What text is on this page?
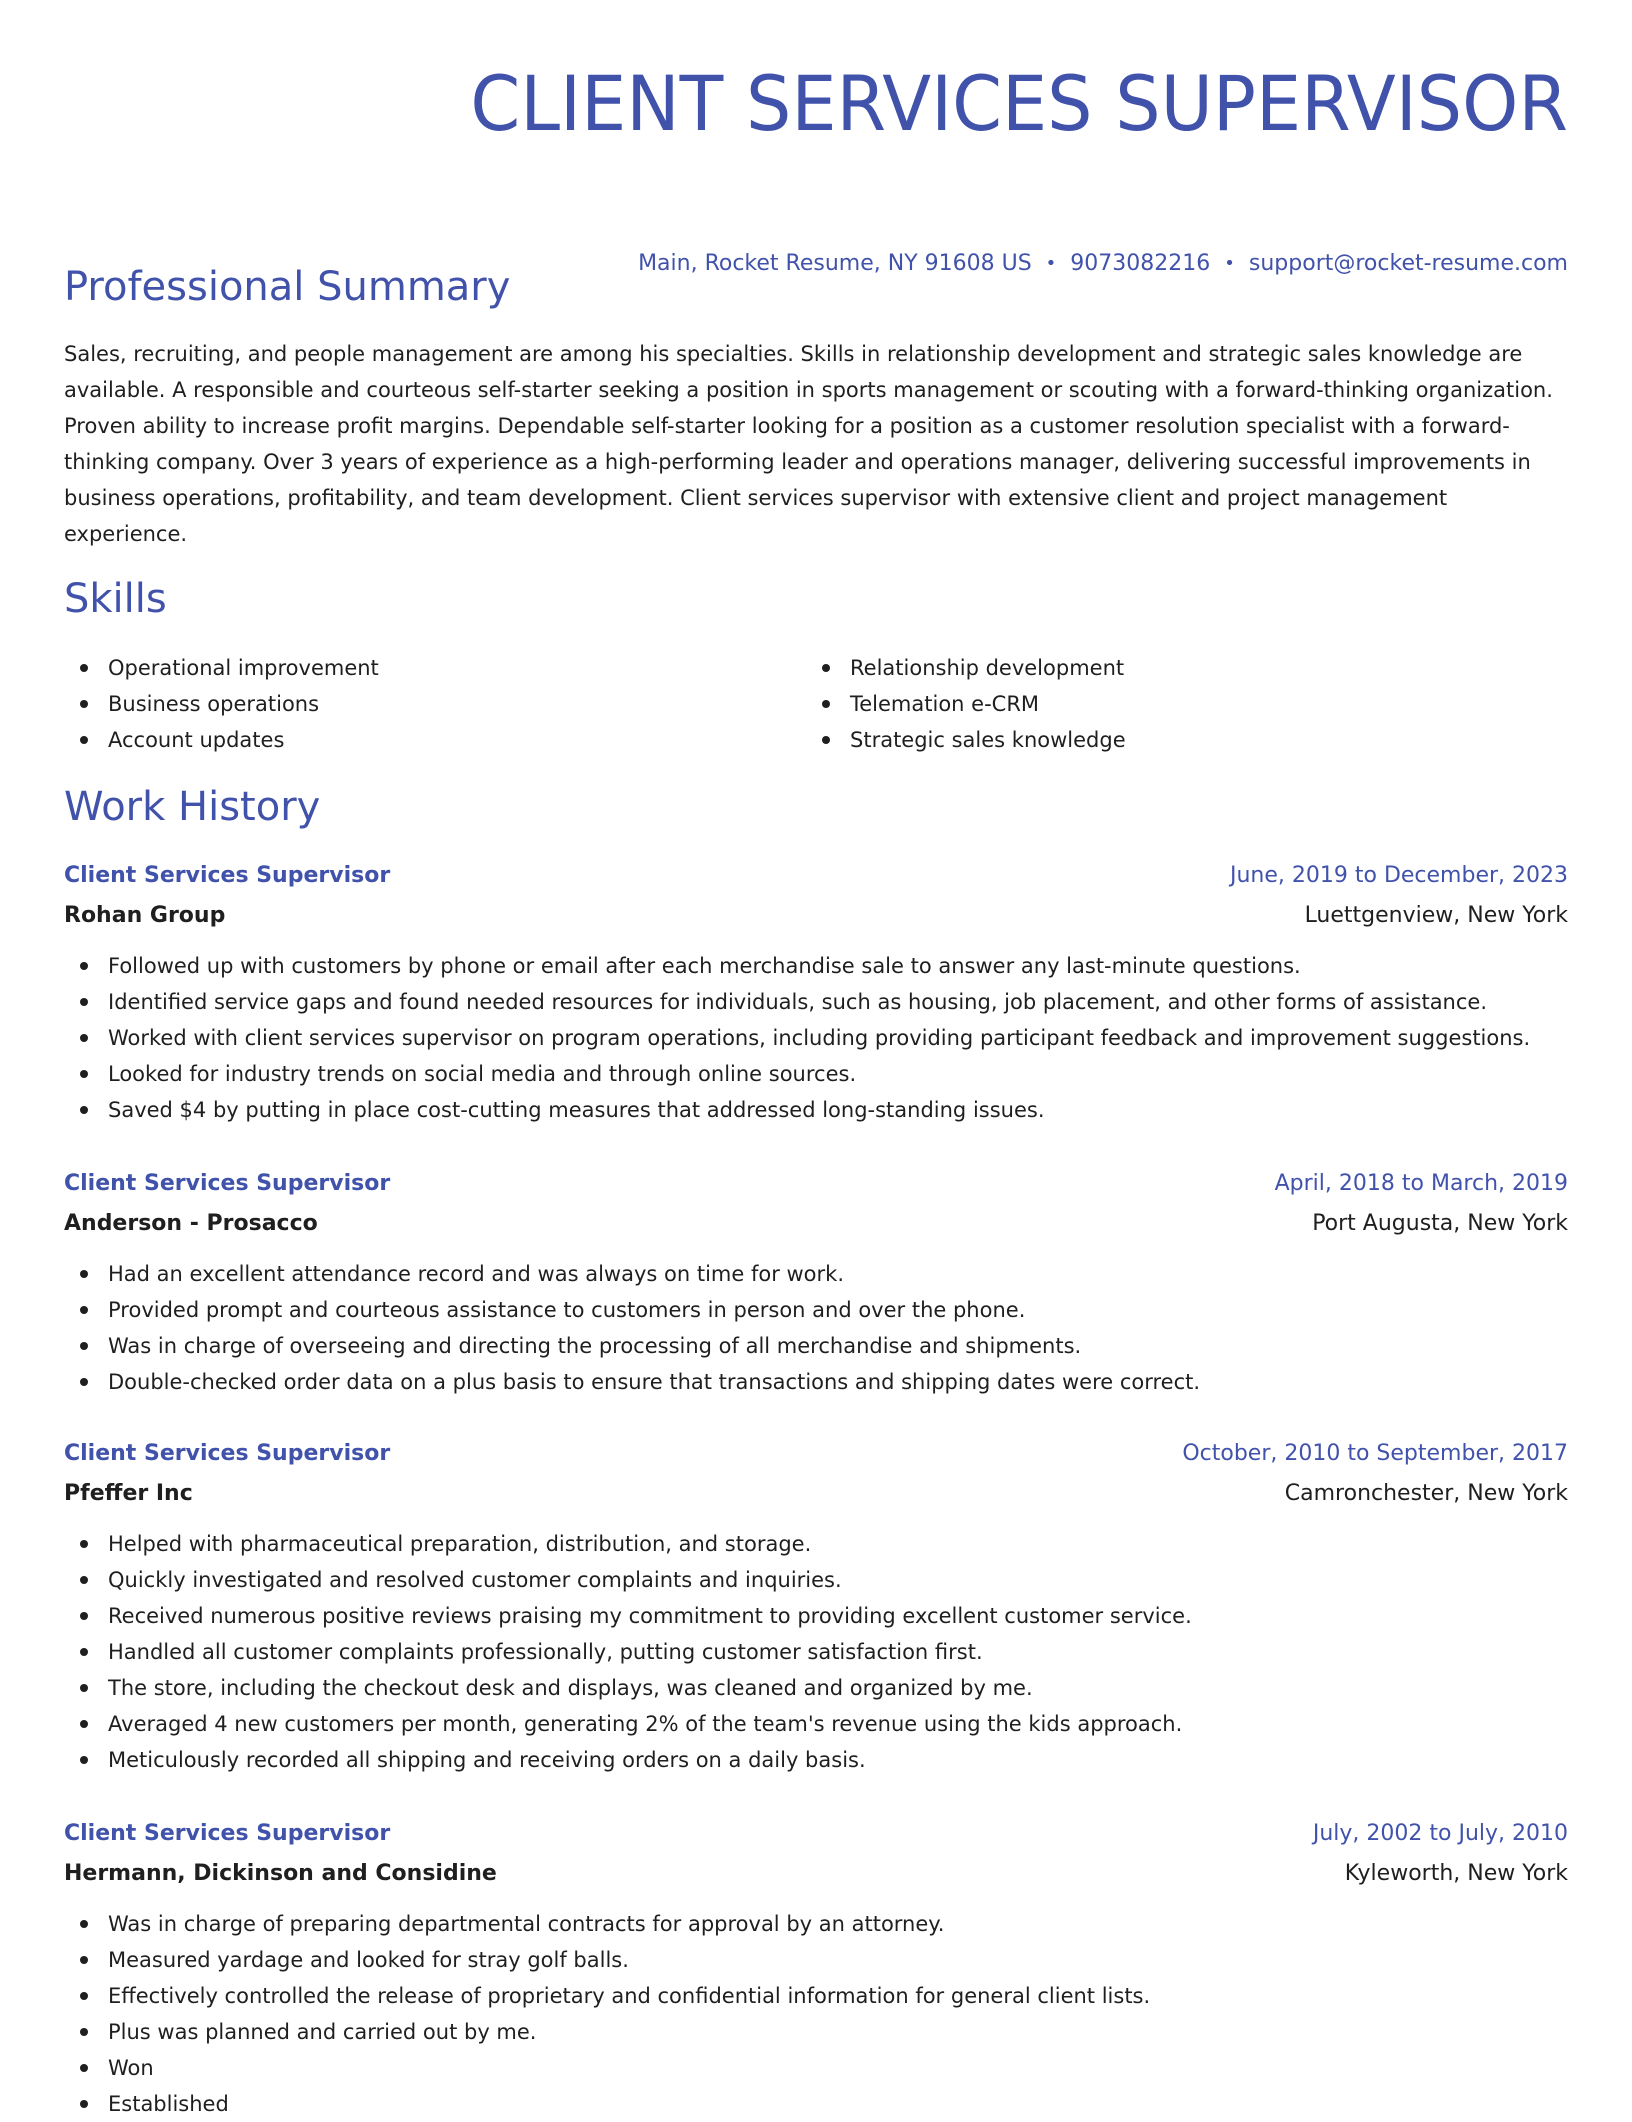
CLIENT SERVICES SUPERVISOR
Main, Rocket Resume, NY 91608 US • 9073082216 • support@rocket-resume.com
Professional Summary

Sales, recruiting, and people management are among his specialties. Skills in relationship development and strategic sales knowledge are available. A responsible and courteous self-starter seeking a position in sports management or scouting with a forward-thinking organization. Proven ability to increase profit margins. Dependable self-starter looking for a position as a customer resolution specialist with a forward-thinking company. Over 3 years of experience as a high-performing leader and operations manager, delivering successful improvements in business operations, profitability, and team development. Client services supervisor with extensive client and project management experience.

Skills
Operational improvement
Business operations
Account updates
Relationship development
Telemation e-CRM
Strategic sales knowledge
Work History
Client Services Supervisor	June, 2019 to December, 2023
Rohan Group	Luettgenview, New York
Followed up with customers by phone or email after each merchandise sale to answer any last-minute questions.
Identified service gaps and found needed resources for individuals, such as housing, job placement, and other forms of assistance.
Worked with client services supervisor on program operations, including providing participant feedback and improvement suggestions.
Looked for industry trends on social media and through online sources.
Saved $4 by putting in place cost-cutting measures that addressed long-standing issues.
Client Services Supervisor	April, 2018 to March, 2019
Anderson - Prosacco	Port Augusta, New York
Had an excellent attendance record and was always on time for work.
Provided prompt and courteous assistance to customers in person and over the phone.
Was in charge of overseeing and directing the processing of all merchandise and shipments.
Double-checked order data on a plus basis to ensure that transactions and shipping dates were correct.
Client Services Supervisor	October, 2010 to September, 2017
Pfeffer Inc	Camronchester, New York
Helped with pharmaceutical preparation, distribution, and storage.
Quickly investigated and resolved customer complaints and inquiries.
Received numerous positive reviews praising my commitment to providing excellent customer service.
Handled all customer complaints professionally, putting customer satisfaction first.
The store, including the checkout desk and displays, was cleaned and organized by me.
Averaged 4 new customers per month, generating 2% of the team's revenue using the kids approach.
Meticulously recorded all shipping and receiving orders on a daily basis.
Client Services Supervisor	July, 2002 to July, 2010
Hermann, Dickinson and Considine	Kyleworth, New York
Was in charge of preparing departmental contracts for approval by an attorney.
Measured yardage and looked for stray golf balls.
Effectively controlled the release of proprietary and confidential information for general client lists.
Plus was planned and carried out by me.
Won
Established
